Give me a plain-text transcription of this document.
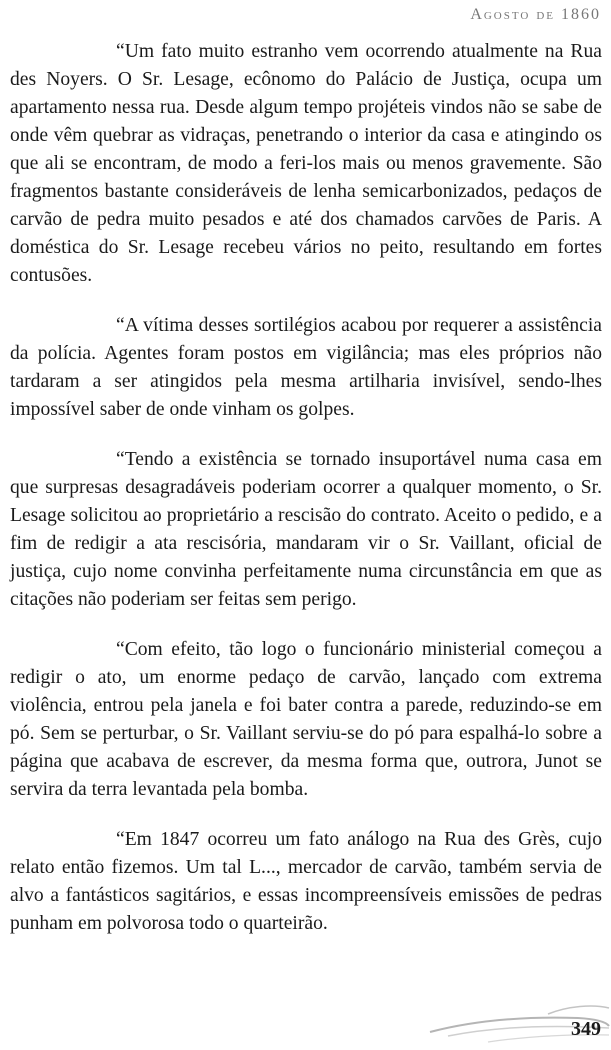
Agosto de 1860

“Um fato muito estranho vem ocorrendo atualmente na Rua des Noyers. O Sr. Lesage, ecônomo do Palácio de Justiça, ocupa um apartamento nessa rua. Desde algum tempo projéteis vindos não se sabe de onde vêm quebrar as vidraças, penetrando o interior da casa e atingindo os que ali se encontram, de modo a feri-los mais ou menos gravemente. São fragmentos bastante consideráveis de lenha semicarbonizados, pedaços de carvão de pedra muito pesados e até dos chamados carvões de Paris. A doméstica do Sr. Lesage recebeu vários no peito, resultando em fortes contusões.

“A vítima desses sortilégios acabou por requerer a assistência da polícia. Agentes foram postos em vigilância; mas eles próprios não tardaram a ser atingidos pela mesma artilharia invisível, sendo-lhes impossível saber de onde vinham os golpes.

“Tendo a existência se tornado insuportável numa casa em que surpresas desagradáveis poderiam ocorrer a qualquer momento, o Sr. Lesage solicitou ao proprietário a rescisão do contrato. Aceito o pedido, e a fim de redigir a ata rescisória, mandaram vir o Sr. Vaillant, oficial de justiça, cujo nome convinha perfeitamente numa circunstância em que as citações não poderiam ser feitas sem perigo.

“Com efeito, tão logo o funcionário ministerial começou a redigir o ato, um enorme pedaço de carvão, lançado com extrema violência, entrou pela janela e foi bater contra a parede, reduzindo-se em pó. Sem se perturbar, o Sr. Vaillant serviu-se do pó para espalhá-lo sobre a página que acabava de escrever, da mesma forma que, outrora, Junot se servira da terra levantada pela bomba.

“Em 1847 ocorreu um fato análogo na Rua des Grès, cujo relato então fizemos. Um tal L..., mercador de carvão, também servia de alvo a fantásticos sagitários, e essas incompreensíveis emissões de pedras punham em polvorosa todo o quarteirão.

349
